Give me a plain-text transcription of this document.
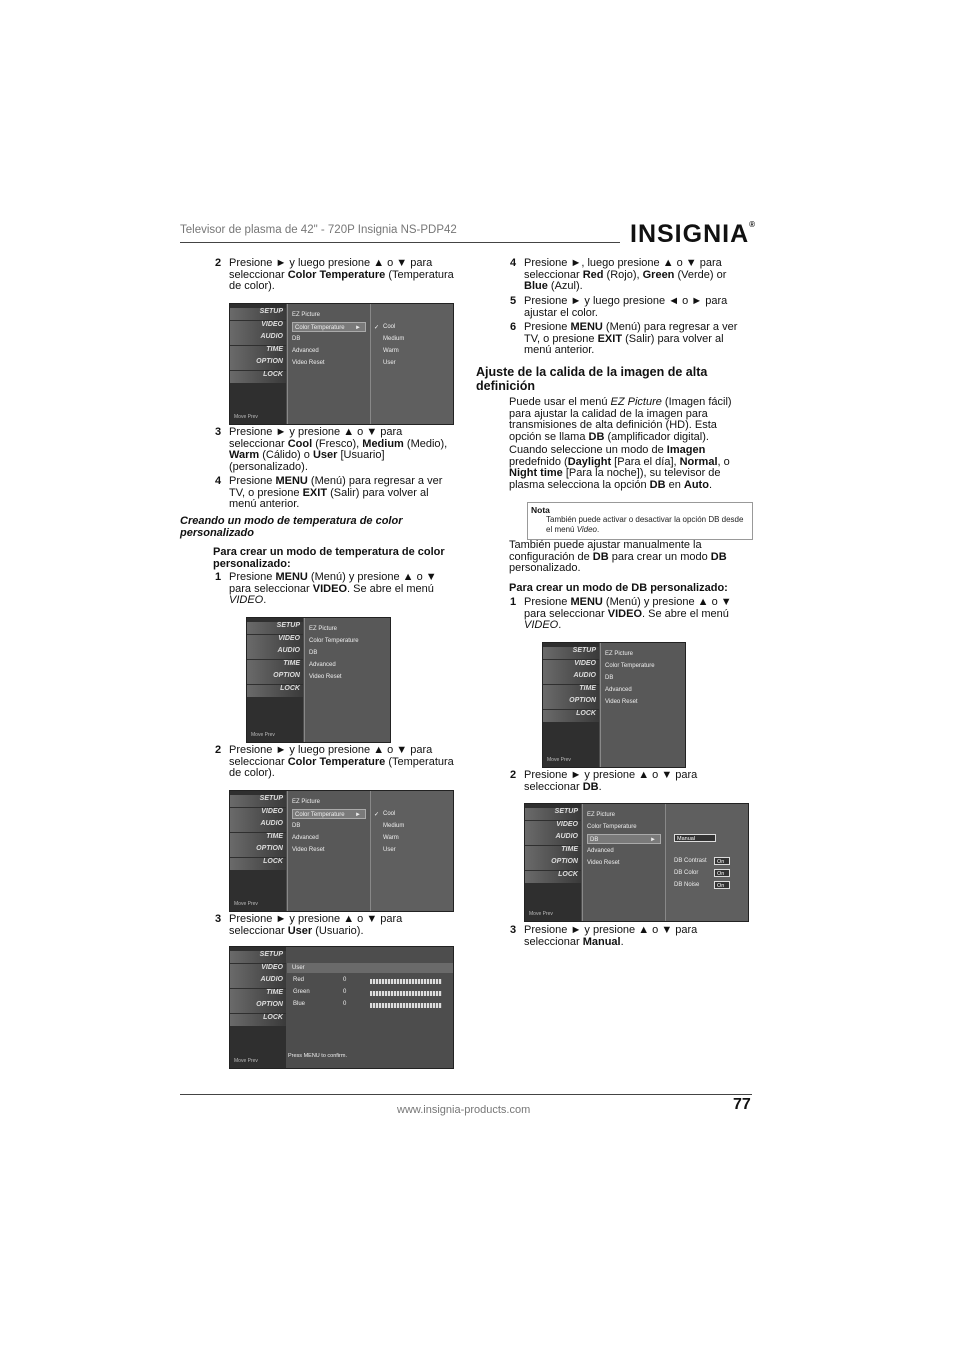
Televisor de plasma de 42" - 720P Insignia NS-PDP42	INSIGNIA®
2 Presione ► y luego presione ▲ o ▼ para seleccionar Color Temperature (Temperatura de color).
SETUP
VIDEO
AUDIO
TIME
OPTION
LOCK
Move Prev
EZ Picture
Color Temperature ►
DB
Advanced
Video Reset
Cool
Medium
Warm
User
✓
3 Presione ► y presione ▲ o ▼ para seleccionar Cool (Fresco), Medium (Medio), Warm (Cálido) o User [Usuario] (personalizado).
4 Presione MENU (Menú) para regresar a ver TV, o presione EXIT (Salir) para volver al menú anterior.
Creando un modo de temperatura de color personalizado
Para crear un modo de temperatura de color personalizado:
1 Presione MENU (Menú) y presione ▲ o ▼ para seleccionar VIDEO. Se abre el menú VIDEO.
SETUP
VIDEO
AUDIO
TIME
OPTION
LOCK
Move Prev
EZ Picture
Color Temperature
DB
Advanced
Video Reset
2 Presione ► y luego presione ▲ o ▼ para seleccionar Color Temperature (Temperatura de color).
SETUP
VIDEO
AUDIO
TIME
OPTION
LOCK
Move Prev
EZ Picture
Color Temperature ►
DB
Advanced
Video Reset
Cool
Medium
Warm
User
✓
3 Presione ► y presione ▲ o ▼ para seleccionar User (Usuario).
SETUP
VIDEO
AUDIO
TIME
OPTION
LOCK
Move Prev
User
Red	0
Green	0
Blue	0
Press MENU to confirm.
4 Presione ►, luego presione ▲ o ▼ para seleccionar Red (Rojo), Green (Verde) or Blue (Azul).
5 Presione ► y luego presione ◄ o ► para ajustar el color.
6 Presione MENU (Menú) para regresar a ver TV, o presione EXIT (Salir) para volver al menú anterior.
Ajuste de la calida de la imagen de alta definición
Puede usar el menú EZ Picture (Imagen fácil) para ajustar la calidad de la imagen para transmisiones de alta definición (HD). Esta opción se llama DB (amplificador digital).
Cuando seleccione un modo de Imagen predefnido (Daylight [Para el día], Normal, o Night time [Para la noche]), su televisor de plasma selecciona la opción DB en Auto.
Nota
También puede activar o desactivar la opción DB desde el menú Video.
También puede ajustar manualmente la configuración de DB para crear un modo DB personalizado.
Para crear un modo de DB personalizado:
1 Presione MENU (Menú) y presione ▲ o ▼ para seleccionar VIDEO. Se abre el menú VIDEO.
SETUP
VIDEO
AUDIO
TIME
OPTION
LOCK
Move Prev
EZ Picture
Color Temperature
DB
Advanced
Video Reset
2 Presione ► y presione ▲ o ▼ para seleccionar DB.
SETUP
VIDEO
AUDIO
TIME
OPTION
LOCK
Move Prev
EZ Picture
Color Temperature
DB	►
Advanced
Video Reset
Manual
DB Contrast	On
DB Color	On
DB Noise	On
3 Presione ► y presione ▲ o ▼ para seleccionar Manual.
www.insignia-products.com	77
